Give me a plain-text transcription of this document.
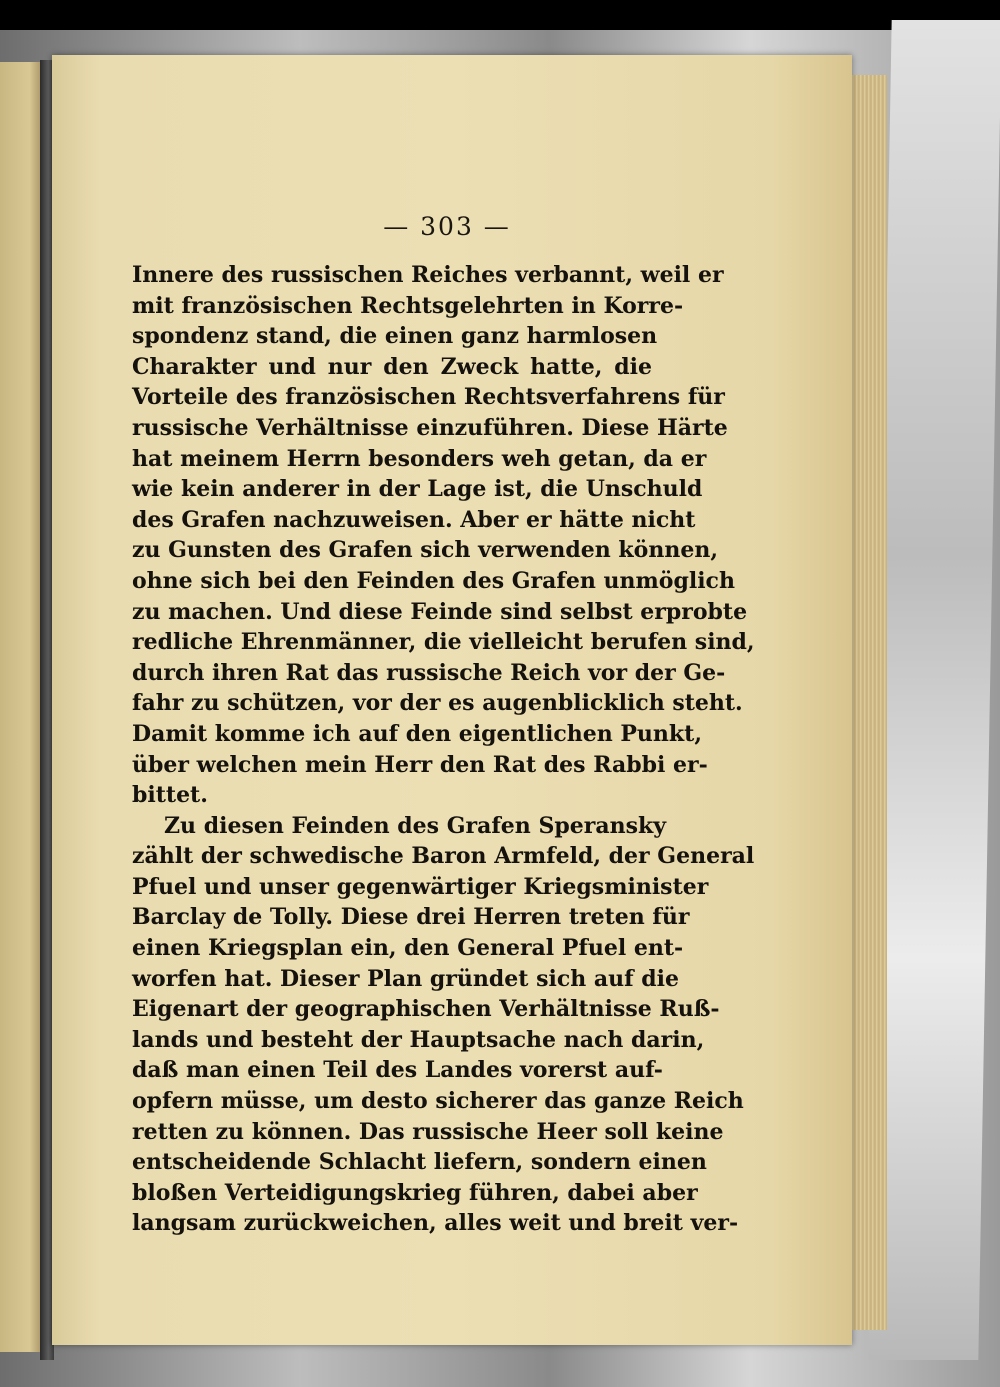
— 303 —
Innere des russischen Reiches verbannt, weil er
mit französischen Rechtsgelehrten in Korre-
spondenz stand, die einen ganz harmlosen
Charakter und nur den Zweck hatte, die
Vorteile des französischen Rechtsverfahrens für
russische Verhältnisse einzuführen. Diese Härte
hat meinem Herrn besonders weh getan, da er
wie kein anderer in der Lage ist, die Unschuld
des Grafen nachzuweisen. Aber er hätte nicht
zu Gunsten des Grafen sich verwenden können,
ohne sich bei den Feinden des Grafen unmöglich
zu machen. Und diese Feinde sind selbst erprobte
redliche Ehrenmänner, die vielleicht berufen sind,
durch ihren Rat das russische Reich vor der Ge-
fahr zu schützen, vor der es augenblicklich steht.
Damit komme ich auf den eigentlichen Punkt,
über welchen mein Herr den Rat des Rabbi er-
bittet.
Zu diesen Feinden des Grafen Speransky
zählt der schwedische Baron Armfeld, der General
Pfuel und unser gegenwärtiger Kriegsminister
Barclay de Tolly. Diese drei Herren treten für
einen Kriegsplan ein, den General Pfuel ent-
worfen hat. Dieser Plan gründet sich auf die
Eigenart der geographischen Verhältnisse Ruß-
lands und besteht der Hauptsache nach darin,
daß man einen Teil des Landes vorerst auf-
opfern müsse, um desto sicherer das ganze Reich
retten zu können. Das russische Heer soll keine
entscheidende Schlacht liefern, sondern einen
bloßen Verteidigungskrieg führen, dabei aber
langsam zurückweichen, alles weit und breit ver-
